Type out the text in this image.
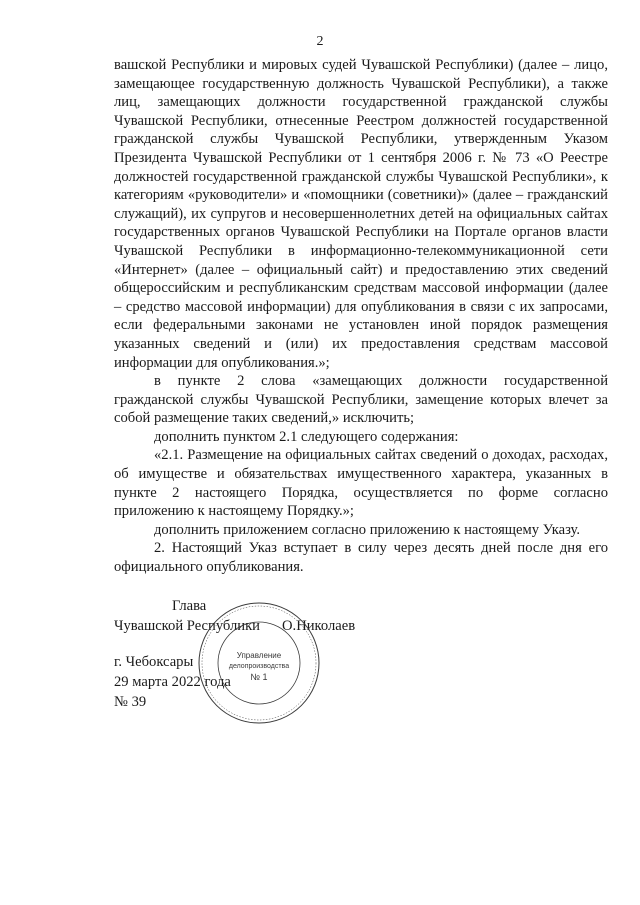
2

вашской Республики и мировых судей Чувашской Республики) (далее – лицо, замещающее государственную должность Чувашской Республики), а также лиц, замещающих должности государственной гражданской службы Чувашской Республики, отнесенные Реестром должностей государственной гражданской службы Чувашской Республики, утвержденным Указом Президента Чувашской Республики от 1 сентября 2006 г. № 73 «О Реестре должностей государственной гражданской службы Чувашской Республики», к категориям «руководители» и «помощники (советники)» (далее – гражданский служащий), их супругов и несовершеннолетних детей на официальных сайтах государственных органов Чувашской Республики на Портале органов власти Чувашской Республики в информационно-телекоммуникационной сети «Интернет» (далее – официальный сайт) и предоставлению этих сведений общероссийским и республиканским средствам массовой информации (далее – средство массовой информации) для опубликования в связи с их запросами, если федеральными законами не установлен иной порядок размещения указанных сведений и (или) их предоставления средствам массовой информации для опубликования.»;

в пункте 2 слова «замещающих должности государственной гражданской службы Чувашской Республики, замещение которых влечет за собой размещение таких сведений,» исключить;

дополнить пунктом 2.1 следующего содержания:

«2.1. Размещение на официальных сайтах сведений о доходах, расходах, об имуществе и обязательствах имущественного характера, указанных в пункте 2 настоящего Порядка, осуществляется по форме согласно приложению к настоящему Порядку.»;

дополнить приложением согласно приложению к настоящему Указу.

2. Настоящий Указ вступает в силу через десять дней после дня его официального опубликования.

Глава
Чувашской Республики О.Николаев
г. Чебоксары
29 марта 2022 года
№ 39
Управление
делопроизводства
№ 1
